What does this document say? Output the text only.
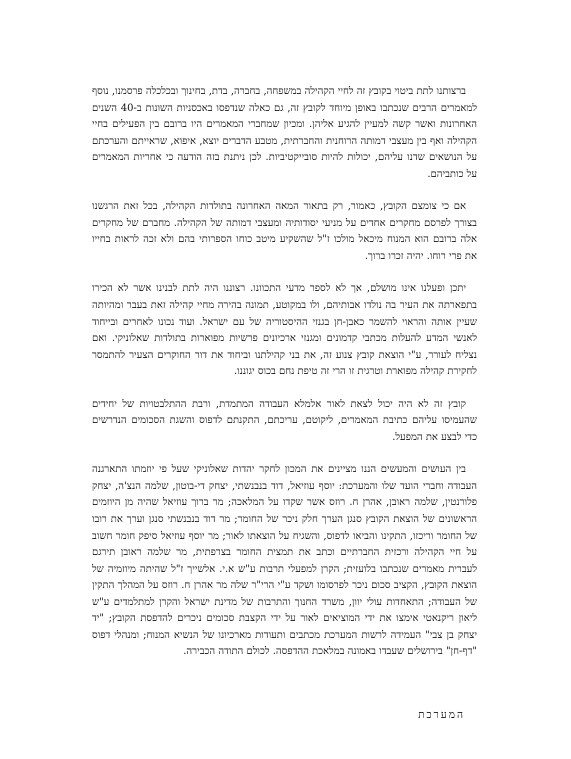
ברצותנו לתת ביטוי בקובץ זה לחיי הקהילה במשפחה, בחברה, בדת, בחינוך ובכלכלה פרסמנו, נוסף למאמרים הרבים שנכתבו באופן מיוחד לקובץ זה, גם כאלה שנדפסו באכסניות השונות ב-40 השנים האחרונות ואשר קשה למעיין להגיע אליהן. ומכיון שמחברי המאמרים היו ברובם בין הפעילים בחיי הקהילה ואף בין מעצבי דמותה הרוחנית והחברתית, מטבע הדברים יוצא, איפוא, שראייתם והערכתם על הנושאים שדנו עליהם, יכולות להיות סובייקטיביות. לכן ניתנת בזה הודעה כי אחריות המאמרים על כותביהם.

אם כי צומצם הקובץ, כאמור, רק בתאור המאה האחרונה בתולדות הקהילה, בכל זאת הרגשנו בצורך לפרסם מחקרים אחדים על מניעי יסודותיה ומעצבי דמותה של הקהילה. מחברם של מחקרים אלה ברובם הוא המנוח מיכאל מולכו ז"ל שהשקיע מיטב כוחו הספרותי בהם ולא זכה לראות בחייו את פרי רוחו. יהיה זכרו ברוך.

יתכן ופעלנו אינו מושלם, אך לא לספר מדעי התכוונו. רצוננו היה לתת לבנינו אשר לא הכירו בתפארתה את העיר בה נולדו אבותיהם, ולו במקוטע, תמונה בהירה מחיי קהילה זאת בעבר ומהיותה שעיין אותה והראוי להשמר כאבן-חן בגנזי ההיסטוריה של עם ישראל. ועוד נכונו לאחרים ובייחוד לאנשי המדע להעלות מכתבי קדמונים ומגנזי ארכיונים פרשיות מפוארות בתולדות שאלוניקי. ואם נצליח לעורר, ע"י הוצאת קובץ צנוע זה, את בני קהילתנו וביחוד את דור החוקרים הצעיר להתמסר לחקירת קהילה מפוארת וטרגית זו הרי זה טיפת נחם בכוס יגוננו.

קובץ זה לא היה יכול לצאת לאור אלמלא העבודה המתמדת, ורבת ההתלבטויות של יחידים שהעמיסו עליהם כתיבת המאמרים, ליקוטם, עריכתם, התקנתם לדפוס והשגת הסכומים הנדרשים כדי לבצע את המפעל.

בין העושים והמעשים הננו מציינים את המכון לחקר יהדות שאלוניקי שעל פי יוזמתו התארגנה העבודה וחברי הועד שלו והמערכת: יוסף עוזיאל, דוד בנבנשתי, יצחק די-בוטון, שלמה הנצ'ה, יצחק פלורנטין, שלמה ראובן, אהרן ח. רוזס אשר שקדו על המלאכה; מר ברוך עוזיאל שהיה מן היוזמים הראשונים של הוצאת הקובץ סנגן הערך חלק ניכר של החומר; מר דוד בנבנשתי סנגן וערך את רובו של החומר וריכזו, התקינו והביאו לדפוס, והשגיח על הוצאתו לאור; מר יוסף עוזיאל סיפק חומר חשוב על חיי הקהילה ורכזית החברתיים וכתב את תמצית החומר בצרפתית, מר שלמה ראובן תירגם לעברית מאמרים שנכתבו בלועזית; הקרן למפעלי תרבות ע"ש א.י. אלשייך ז"ל שהיתה מיוזמיה של הוצאת הקובץ, הקציב סכום ניכר לפרסומו ושקד ע"י הרי"ר שלה מר אהרן ח. רוזס על המהלך התקין של העבודה; התאחדות עולי יוון, משרד החנוך והתרבות של מדינת ישראל והקרן למתלמדים ע"ש ליאון ריקנאטי אימצו את ידי המוציאים לאור על ידי הקצבת סכומים ניכרים להדפסת הקובץ; "יד יצחק בן צבי" העמידה לרשות המערכת מכתבים ותעודות מארכיונו של הנשיא המנוח; ומנהלי דפוס "דף-חן" בירושלים שעבדו באמונה במלאכת ההדפסה. לכולם התודה הכבירה.

המערכת
